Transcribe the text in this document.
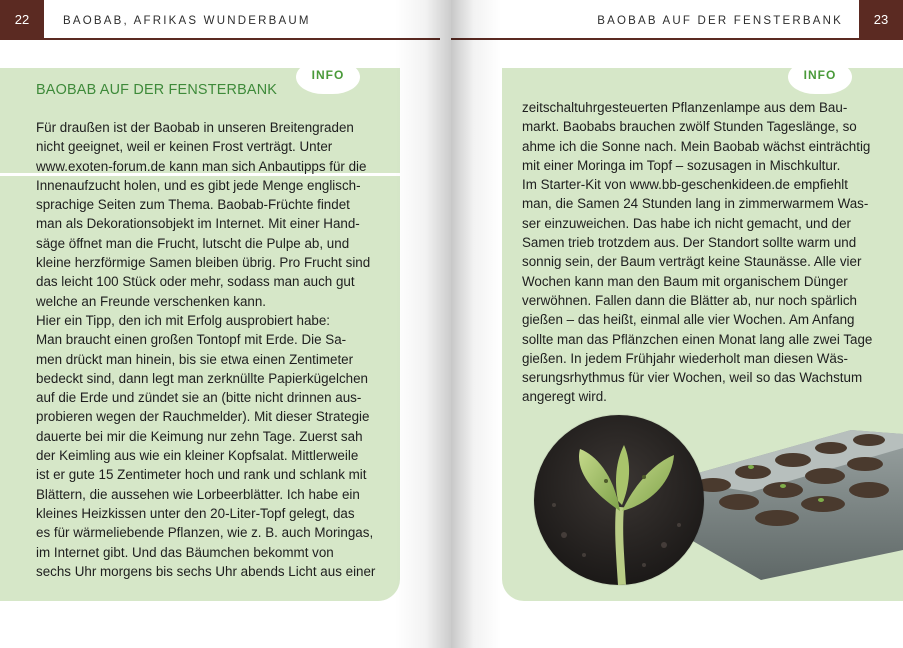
22	BAOBAB, AFRIKAS WUNDERBAUM
INFO
BAOBAB AUF DER FENSTERBANK
Für draußen ist der Baobab in unseren Breitengraden
nicht geeignet, weil er keinen Frost verträgt. Unter
www.exoten-forum.de kann man sich Anbautipps für die
Innenaufzucht holen, und es gibt jede Menge englisch-
sprachige Seiten zum Thema. Baobab-Früchte findet
man als Dekorationsobjekt im Internet. Mit einer Hand-
säge öffnet man die Frucht, lutscht die Pulpe ab, und
kleine herzförmige Samen bleiben übrig. Pro Frucht sind
das leicht 100 Stück oder mehr, sodass man auch gut
welche an Freunde verschenken kann.
Hier ein Tipp, den ich mit Erfolg ausprobiert habe:
Man braucht einen großen Tontopf mit Erde. Die Sa-
men drückt man hinein, bis sie etwa einen Zentimeter
bedeckt sind, dann legt man zerknüllte Papierkügelchen
auf die Erde und zündet sie an (bitte nicht drinnen aus-
probieren wegen der Rauchmelder). Mit dieser Strategie
dauerte bei mir die Keimung nur zehn Tage. Zuerst sah
der Keimling aus wie ein kleiner Kopfsalat. Mittlerweile
ist er gute 15 Zentimeter hoch und rank und schlank mit
Blättern, die aussehen wie Lorbeerblätter. Ich habe ein
kleines Heizkissen unter den 20-Liter-Topf gelegt, das
es für wärmeliebende Pflanzen, wie z. B. auch Moringas,
im Internet gibt. Und das Bäumchen bekommt von
sechs Uhr morgens bis sechs Uhr abends Licht aus einer
23
BAOBAB AUF DER FENSTERBANK
INFO
zeitschaltuhrgesteuerten Pflanzenlampe aus dem Bau-
markt. Baobabs brauchen zwölf Stunden Tageslänge, so
ahme ich die Sonne nach. Mein Baobab wächst einträchtig
mit einer Moringa im Topf – sozusagen in Mischkultur.
Im Starter-Kit von www.bb-geschenkideen.de empfiehlt
man, die Samen 24 Stunden lang in zimmerwarmem Was-
ser einzuweichen. Das habe ich nicht gemacht, und der
Samen trieb trotzdem aus. Der Standort sollte warm und
sonnig sein, der Baum verträgt keine Staunässe. Alle vier
Wochen kann man den Baum mit organischem Dünger
verwöhnen. Fallen dann die Blätter ab, nur noch spärlich
gießen – das heißt, einmal alle vier Wochen. Am Anfang
sollte man das Pflänzchen einen Monat lang alle zwei Tage
gießen. In jedem Frühjahr wiederholt man diesen Wäs-
serungsrhythmus für vier Wochen, weil so das Wachstum
angeregt wird.
